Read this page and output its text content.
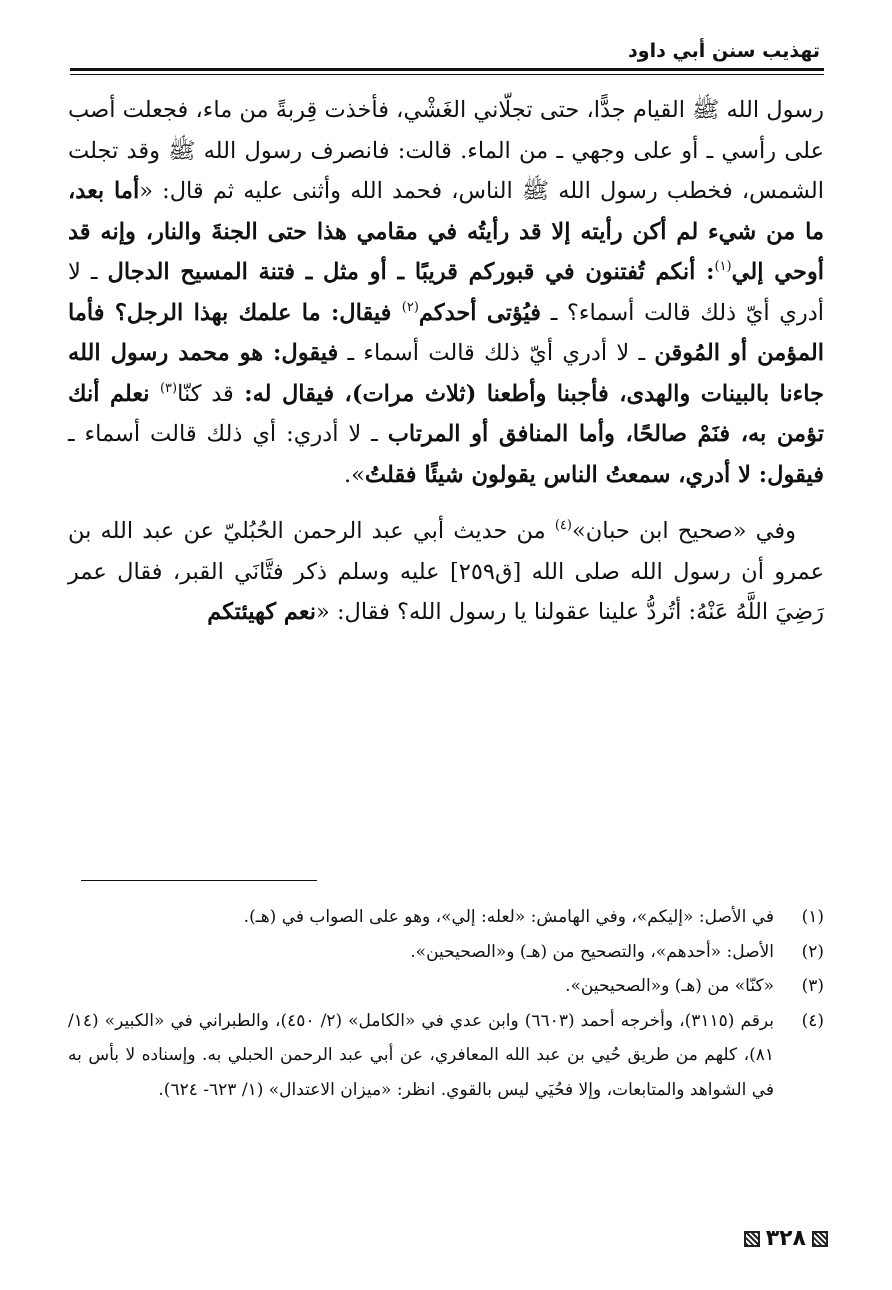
تهذيب سنن أبي داود

رسول الله ﷺ القيام جدًّا، حتى تجلّاني الغَشْي، فأخذت قِربةً من ماء، فجعلت أصب على رأسي ـ أو على وجهي ـ من الماء. قالت: فانصرف رسول الله ﷺ وقد تجلت الشمس، فخطب رسول الله ﷺ الناس، فحمد الله وأثنى عليه ثم قال: «أما بعد، ما من شيء لم أكن رأيته إلا قد رأيتُه في مقامي هذا حتى الجنةَ والنار، وإنه قد أوحي إلي$^{(١)}$: أنكم تُفتنون في قبوركم قريبًا ـ أو مثل ـ فتنة المسيح الدجال ـ لا أدري أيّ ذلك قالت أسماء؟ ـ فيُؤتى أحدكم$^{(٢)}$ فيقال: ما علمك بهذا الرجل؟ فأما المؤمن أو المُوقن ـ لا أدري أيّ ذلك قالت أسماء ـ فيقول: هو محمد رسول الله جاءنا بالبينات والهدى، فأجبنا وأطعنا (ثلاث مرات)، فيقال له: قد كنّا$^{(٣)}$ نعلم أنك تؤمن به، فنَمْ صالحًا، وأما المنافق أو المرتاب ـ لا أدري: أي ذلك قالت أسماء ـ فيقول: لا أدري، سمعتُ الناس يقولون شيئًا فقلتُ».

وفي «صحيح ابن حبان»$^{(٤)}$ من حديث أبي عبد الرحمن الحُبُليّ عن عبد الله بن عمرو أن رسول الله صلى الله [ق٢٥٩] عليه وسلم ذكر فتَّانَي القبر، فقال عمر رَضِيَ اللَّهُ عَنْهُ: أتُردُّ علينا عقولنا يا رسول الله؟ فقال: «نعم كهيئتكم

(١)
في الأصل: «إليكم»، وفي الهامش: «لعله: إلي»، وهو على الصواب في (هـ).
(٢)
الأصل: «أحدهم»، والتصحيح من (هـ) و«الصحيحين».
(٣)
«كنّا» من (هـ) و«الصحيحين».
(٤)
برقم (٣١١٥)، وأخرجه أحمد (٦٦٠٣) وابن عدي في «الكامل» (٢/ ٤٥٠)، والطبراني في «الكبير» (١٤/ ٨١)، كلهم من طريق حُيي بن عبد الله المعافري، عن أبي عبد الرحمن الحبلي به. وإسناده لا بأس به في الشواهد والمتابعات، وإلا فحُيَي ليس بالقوي. انظر: «ميزان الاعتدال» (١/ ٦٢٣- ٦٢٤).
٣٢٨
